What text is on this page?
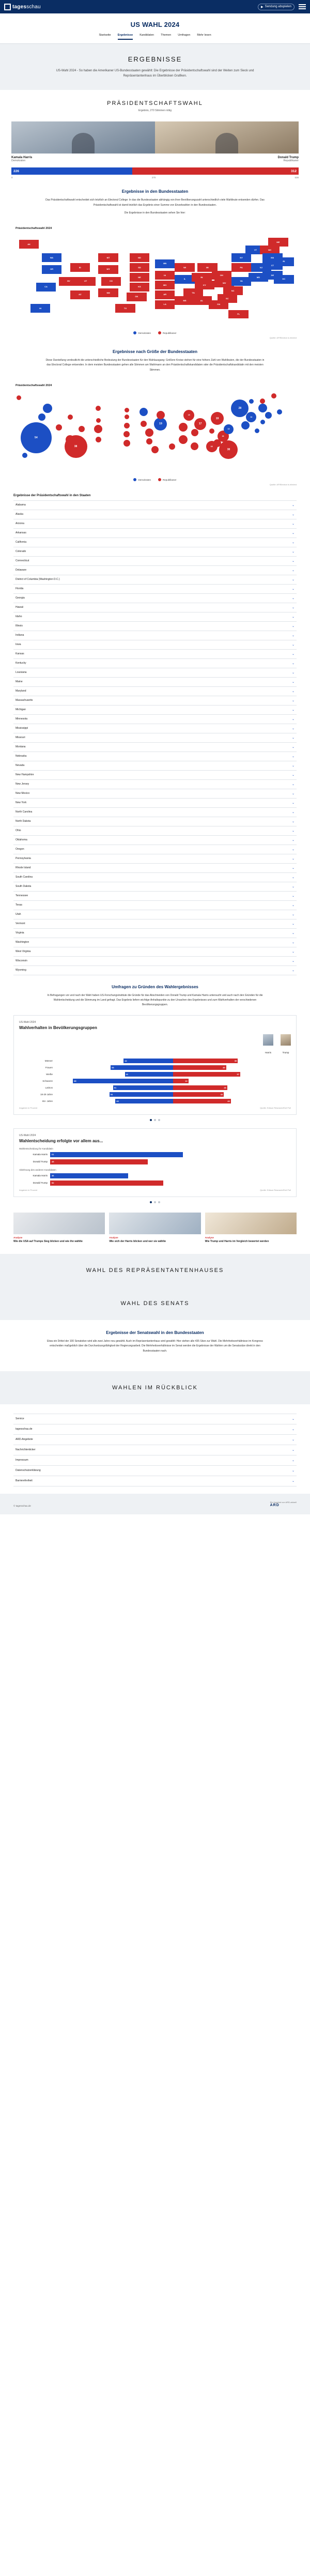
tagesschau	▶ Sendung abspielen
US WAHL 2024
Startseite Ergebnisse Kandidaten Themen Umfragen Mehr lesen
ERGEBNISSE

US-Wahl 2024 - So haben die Amerikaner US-Bundesstaaten gewählt: Die Ergebnisse der Präsidentschaftswahl sind der Weiten zum Sieck und Repräsentantenhaus im Überblicken Grafiken.

PRÄSIDENTSCHAFTSWAHL
Ergebnis, 270 Stimmen nötig
Kamala Harris
Demokraten
Donald Trump
Republikaner
226	312
0	270	538
Ergebnisse in den Bundesstaaten

Das Präsidentschaftswahl entscheidet sich letztlich an Electoral College: In das die Bundesstaaten abhängig von ihrer Bevölkerungszahl unterschiedlich viele Wahlleute entsenden dürfen. Das Präsidentschaftswahl ist damit letztlich das Ergebnis einer Summe von Einzelwahlen in den Bundesstaaten.

Die Ergebnisse in den Bundesstaaten sehen Sie hier:

Präsidentschaftswahl 2024
AK
ME
VT	NH
WA
ID
MT	ND
MN
WI	MI
NY	MA
OR
NV
WY
SD
IA
IL
IN
OH
PA	NJ
CT
RI
CA
UT	CO
NE
MO	KY
WV
VA
MD
DE
DC
AZ
NM
KS
AR
TN
NC
SC
OK
LA
MS	AL
GA
HI	TX
FL
Demokraten	Republikaner
Quelle: AP/Election is elected
Ergebnisse nach Größe der Bundesstaaten

Diese Darstellung verdeutlicht die unterschiedliche Bedeutung der Bundesstaaten für den Wahlausgang: Größere Kreise stehen für eine höhere Zahl von Wahlleuten, die der Bundesstaaten in das Electoral College entsenden. In dem meisten Bundesstaaten gehen alle Stimmen am Wahlmann an den Präsidentschaftskandidaten oder die Präsidentschaftskandidatin mit den meisten Stimmen.

Präsidentschaftswahl 2024
54
38
30
28
19
19	17
16
16
15
14
13
Demokraten	Republikaner
Quelle: AP/Election is elected
Ergebnisse der Präsidentschaftswahl in den Staaten
Alabama	⌄
Alaska	⌄
Arizona	⌄
Arkansas	⌄
California	⌄
Colorado	⌄
Connecticut	⌄
Delaware	⌄
District of Columbia (Washington D.C.)	⌄
Florida	⌄
Georgia	⌄
Hawaii	⌄
Idaho	⌄
Illinois	⌄
Indiana	⌄
Iowa	⌄
Kansas	⌄
Kentucky	⌄
Louisiana	⌄
Maine	⌄
Maryland	⌄
Massachusetts	⌄
Michigan	⌄
Minnesota	⌄
Mississippi	⌄
Missouri	⌄
Montana	⌄
Nebraska	⌄
Nevada	⌄
New Hampshire	⌄
New Jersey	⌄
New Mexico	⌄
New York	⌄
North Carolina	⌄
North Dakota	⌄
Ohio	⌄
Oklahoma	⌄
Oregon	⌄
Pennsylvania	⌄
Rhode Island	⌄
South Carolina	⌄
South Dakota	⌄
Tennessee	⌄
Texas	⌄
Utah	⌄
Vermont	⌄
Virginia	⌄
Washington	⌄
West Virginia	⌄
Wisconsin	⌄
Wyoming	⌄
Umfragen zu Gründen des Wahlergebnisses

In Befragungen vor und nach der Wahl haben US-Forschungsinstitute die Gründe für das Abschneiden von Donald Trump und Kamala Harris untersucht und auch nach den Gründen für die Wahlentscheidung und die Stimmung im Land gefragt. Das Ergebnis liefern wichtige Anhaltspunkte zu den Ursachen des Ergebnisses und zum Wahlverhalten der verschiedenen Bevölkerungsgruppen.

US-Wahl 2024
Wahlverhalten in Bevölkerungsgruppen
Harris	Trump
Männer	42	55
Frauen	53	45
Weiße	41	57
Schwarze	85	13
Latinos	51	46
18-29 Jahre	54	43
65+ Jahre	49	49
Angaben in Prozent	Quelle: Edison Research/Exit Poll
US-Wahl 2024
Wahlentscheidung erfolgte vor allem aus...
Wahlentscheidung für Kandidatin
Kamala Harris	61
Donald Trump	45
Ablehnung des anderen Kandidaten
Kamala Harris	36
Donald Trump	52
Angaben in Prozent	Quelle: Edison Research/Exit Poll
Analyse
Wie die USA auf Trumps Sieg blicken und wie ihn wählte
Analyse
Wie sich der Harris blicken und wer sie wählte
Analyse
Wie Trump und Harris im Vergleich bewertet werden
WAHL DES REPRÄSENTANTENHAUSES
WAHL DES SENATS
Ergebnisse der Senatswahl in den Bundesstaaten

Etwa ein Drittel der 100 Senatsitze wird alle zwei Jahre neu gewählt. Auch im Repräsentantenhaus wird gewählt: Hier stehen alle 435 Sitze zur Wahl. Die Mehrheitsverhältnisse im Kongress entscheiden maßgeblich über die Durchsetzungsfähigkeit der Regierungsarbeit. Die Mehrheitsverhältnisse im Senat werden die Ergebnisse der Wahlen um die Senatssitze direkt in den Bundesstaaten nach.

WAHLEN IM RÜCKBLICK
Service	⌄
tagesschau.de	⌄
ARD-Angebote	⌄
Nachrichtenticker	⌄
Impressum	⌄
Datenschutzerklärung	⌄
Barrierefreiheit	⌄
© tagesschau.de
Ein Angebot von ARD-aktuell
ARD
